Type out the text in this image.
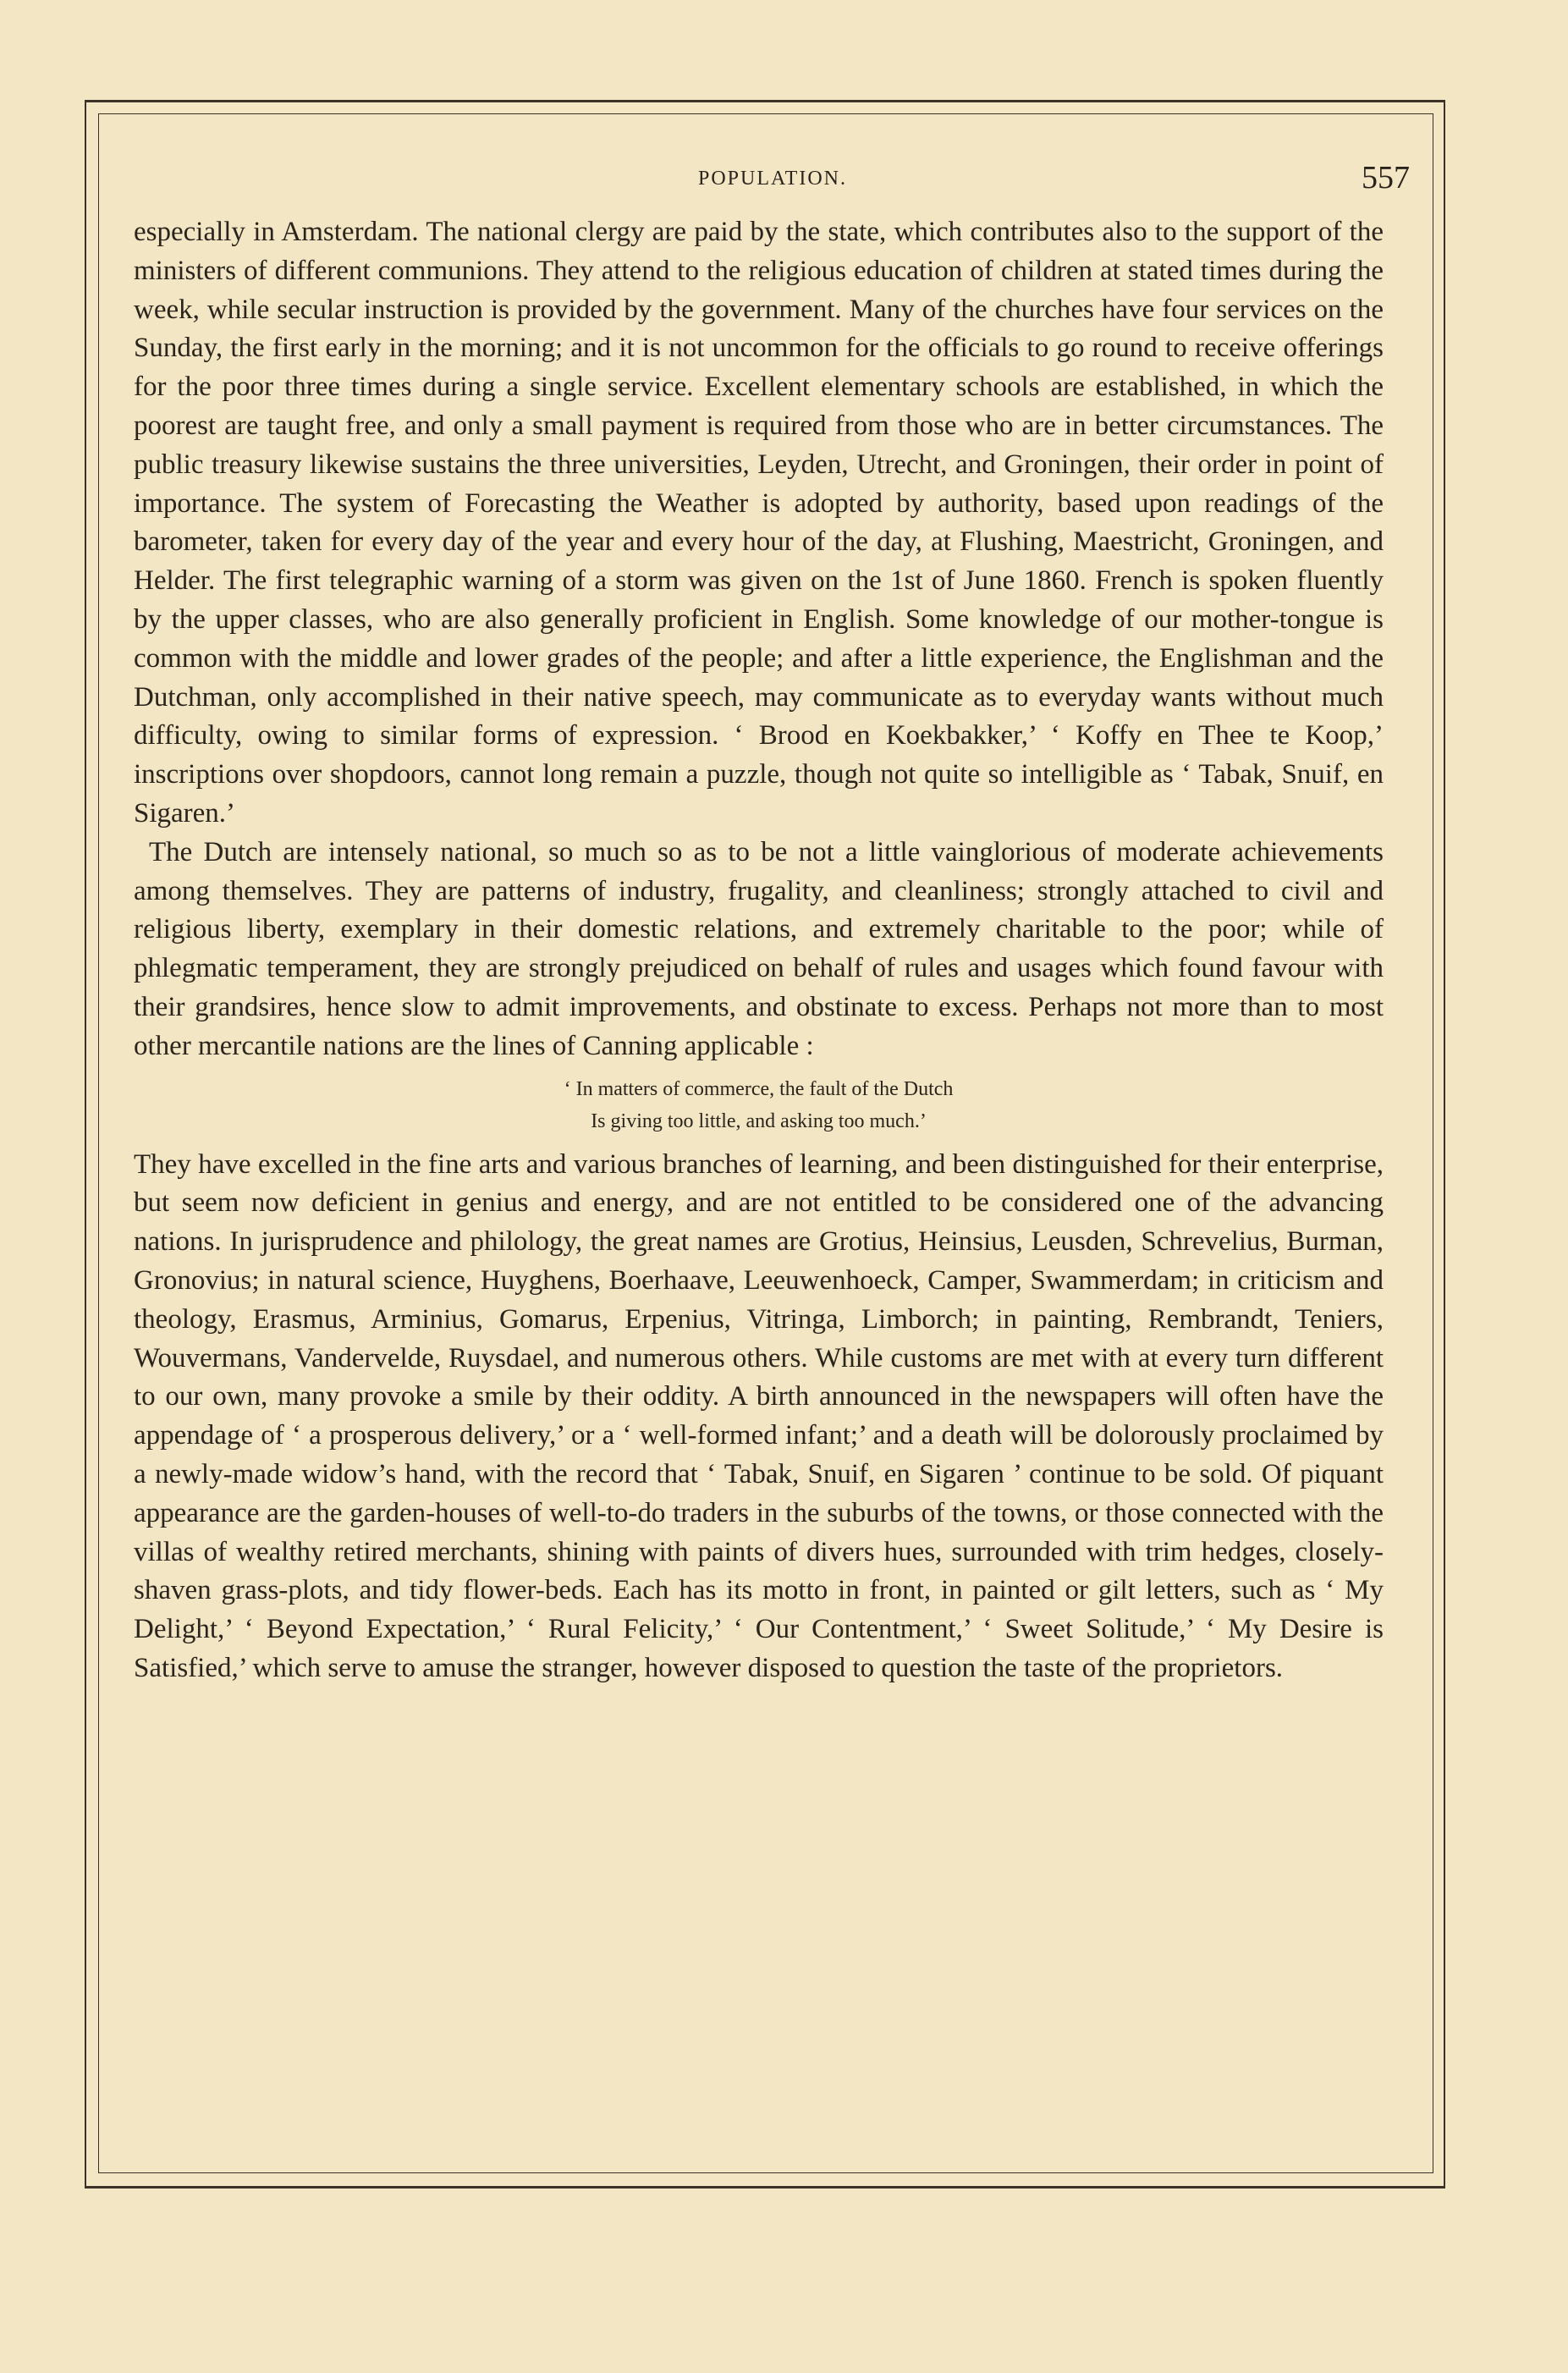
POPULATION.	557

especially in Amsterdam. The national clergy are paid by the state, which contributes also to the support of the ministers of different communions. They attend to the religious education of children at stated times during the week, while secular instruction is provided by the government. Many of the churches have four services on the Sunday, the first early in the morning; and it is not uncommon for the officials to go round to receive offerings for the poor three times during a single service. Excellent elementary schools are established, in which the poorest are taught free, and only a small payment is required from those who are in better circumstances. The public treasury likewise sustains the three universities, Leyden, Utrecht, and Groningen, their order in point of importance. The system of Forecasting the Weather is adopted by authority, based upon readings of the barometer, taken for every day of the year and every hour of the day, at Flushing, Maestricht, Groningen, and Helder. The first telegraphic warning of a storm was given on the 1st of June 1860. French is spoken fluently by the upper classes, who are also generally proficient in English. Some knowledge of our mother-tongue is common with the middle and lower grades of the people; and after a little experience, the Englishman and the Dutchman, only accomplished in their native speech, may communicate as to everyday wants without much difficulty, owing to similar forms of expression. ‘ Brood en Koekbakker,’ ‘ Koffy en Thee te Koop,’ inscriptions over shopdoors, cannot long remain a puzzle, though not quite so intelligible as ‘ Tabak, Snuif, en Sigaren.’

The Dutch are intensely national, so much so as to be not a little vainglorious of moderate achievements among themselves. They are patterns of industry, frugality, and cleanliness; strongly attached to civil and religious liberty, exemplary in their domestic relations, and extremely charitable to the poor; while of phlegmatic temperament, they are strongly prejudiced on behalf of rules and usages which found favour with their grandsires, hence slow to admit improvements, and obstinate to excess. Perhaps not more than to most other mercantile nations are the lines of Canning applicable :

‘ In matters of commerce, the fault of the Dutch
Is giving too little, and asking too much.’

They have excelled in the fine arts and various branches of learning, and been distinguished for their enterprise, but seem now deficient in genius and energy, and are not entitled to be considered one of the advancing nations. In jurisprudence and philology, the great names are Grotius, Heinsius, Leusden, Schrevelius, Burman, Gronovius; in natural science, Huyghens, Boerhaave, Leeuwenhoeck, Camper, Swammerdam; in criticism and theology, Erasmus, Arminius, Gomarus, Erpenius, Vitringa, Limborch; in painting, Rembrandt, Teniers, Wouvermans, Vandervelde, Ruysdael, and numerous others. While customs are met with at every turn different to our own, many provoke a smile by their oddity. A birth announced in the newspapers will often have the appendage of ‘ a prosperous delivery,’ or a ‘ well-formed infant;’ and a death will be dolorously proclaimed by a newly-made widow’s hand, with the record that ‘ Tabak, Snuif, en Sigaren ’ continue to be sold. Of piquant appearance are the garden-houses of well-to-do traders in the suburbs of the towns, or those connected with the villas of wealthy retired merchants, shining with paints of divers hues, surrounded with trim hedges, closely-shaven grass-plots, and tidy flower-beds. Each has its motto in front, in painted or gilt letters, such as ‘ My Delight,’ ‘ Beyond Expectation,’ ‘ Rural Felicity,’ ‘ Our Contentment,’ ‘ Sweet Solitude,’ ‘ My Desire is Satisfied,’ which serve to amuse the stranger, however disposed to question the taste of the proprietors.
